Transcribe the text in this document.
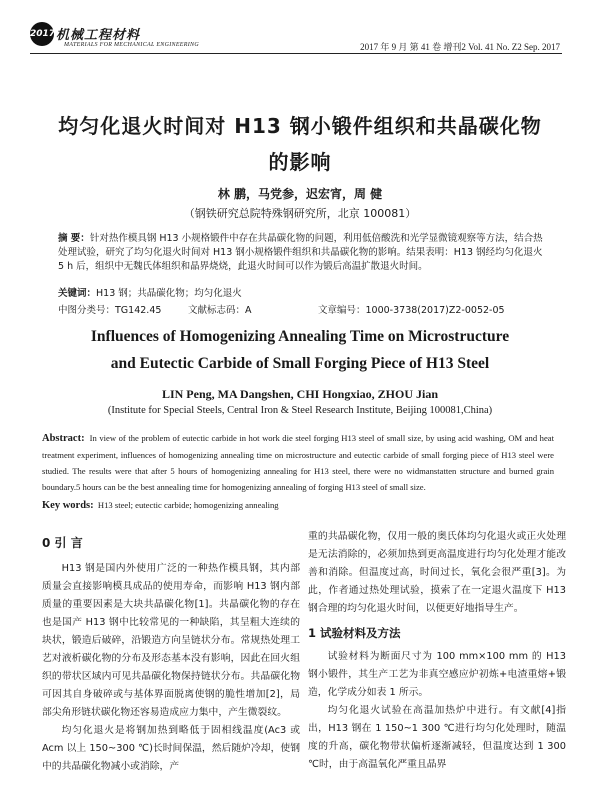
2017 机械工程材料
MATERIALS FOR MECHANICAL ENGINEERING	2017 年 9 月 第 41 卷 增刊2 Vol. 41 No. Z2 Sep. 2017
均匀化退火时间对 H13 钢小锻件组织和共晶碳化物
的影响
林 鹏，马党参，迟宏宵，周 健
（钢铁研究总院特殊钢研究所，北京 100081）
摘 要：针对热作模具钢 H13 小规格锻件中存在共晶碳化物的问题，利用低倍酸洗和光学显微镜观察等方法，结合热处理试验，研究了均匀化退火时间对 H13 钢小规格锻件组织和共晶碳化物的影响。结果表明：H13 钢经均匀化退火 5 h 后，组织中无魏氏体组织和晶界烧烧，此退火时间可以作为锻后高温扩散退火时间。
关键词：H13 钢；共晶碳化物；均匀化退火
中图分类号：TG142.45	文献标志码：A	文章编号：1000-3738(2017)Z2-0052-05
Influences of Homogenizing Annealing Time on Microstructure
and Eutectic Carbide of Small Forging Piece of H13 Steel
LIN Peng, MA Dangshen, CHI Hongxiao, ZHOU Jian
(Institute for Special Steels, Central Iron & Steel Research Institute, Beijing 100081,China)
Abstract: In view of the problem of eutectic carbide in hot work die steel forging H13 steel of small size, by using acid washing, OM and heat treatment experiment, influences of homogenizing annealing time on microstructure and eutectic carbide of small forging piece of H13 steel were studied. The results were that after 5 hours of homogenizing annealing for H13 steel, there were no widmanstatten structure and burned grain boundary.5 hours can be the best annealing time for homogenizing annealing of forging H13 steel of small size.
Key words: H13 steel; eutectic carbide; homogenizing annealing
0 引 言

H13 钢是国内外使用广泛的一种热作模具钢，其内部质量会直接影响模具成品的使用寿命，而影响 H13 钢内部质量的重要因素是大块共晶碳化物[1]。共晶碳化物的存在也是国产 H13 钢中比较常见的一种缺陷，其呈粗大连续的块状，锻造后破碎，沿锻造方向呈链状分布。常规热处理工艺对液析碳化物的分布及形态基本没有影响，因此在回火组织的带状区域内可见共晶碳化物保持链状分布。共晶碳化物可因其自身破碎或与基体界面脱离使钢的脆性增加[2]，局部尖角形链状碳化物还容易造成应力集中，产生微裂纹。

均匀化退火是将钢加热到略低于固相线温度(Ac3 或 Acm 以上 150~300 ℃)长时间保温，然后随炉冷却，使钢中的共晶碳化物减小或消除，产

重的共晶碳化物，仅用一般的奥氏体均匀化退火或正火处理是无法消除的，必须加热到更高温度进行均匀化处理才能改善和消除。但温度过高，时间过长，氧化会很严重[3]。为此，作者通过热处理试验，摸索了在一定退火温度下 H13 钢合理的均匀化退火时间，以便更好地指导生产。

1 试验材料及方法

试验材料为断面尺寸为 100 mm×100 mm 的 H13 钢小锻件，其生产工艺为非真空感应炉初炼+电渣重熔+锻造，化学成分如表 1 所示。

均匀化退火试验在高温加热炉中进行。有文献[4]指出，H13 钢在 1 150~1 300 ℃进行均匀化处理时，随温度的升高，碳化物带状偏析逐渐减轻，但温度达到 1 300 ℃时，由于高温氧化严重且晶界
